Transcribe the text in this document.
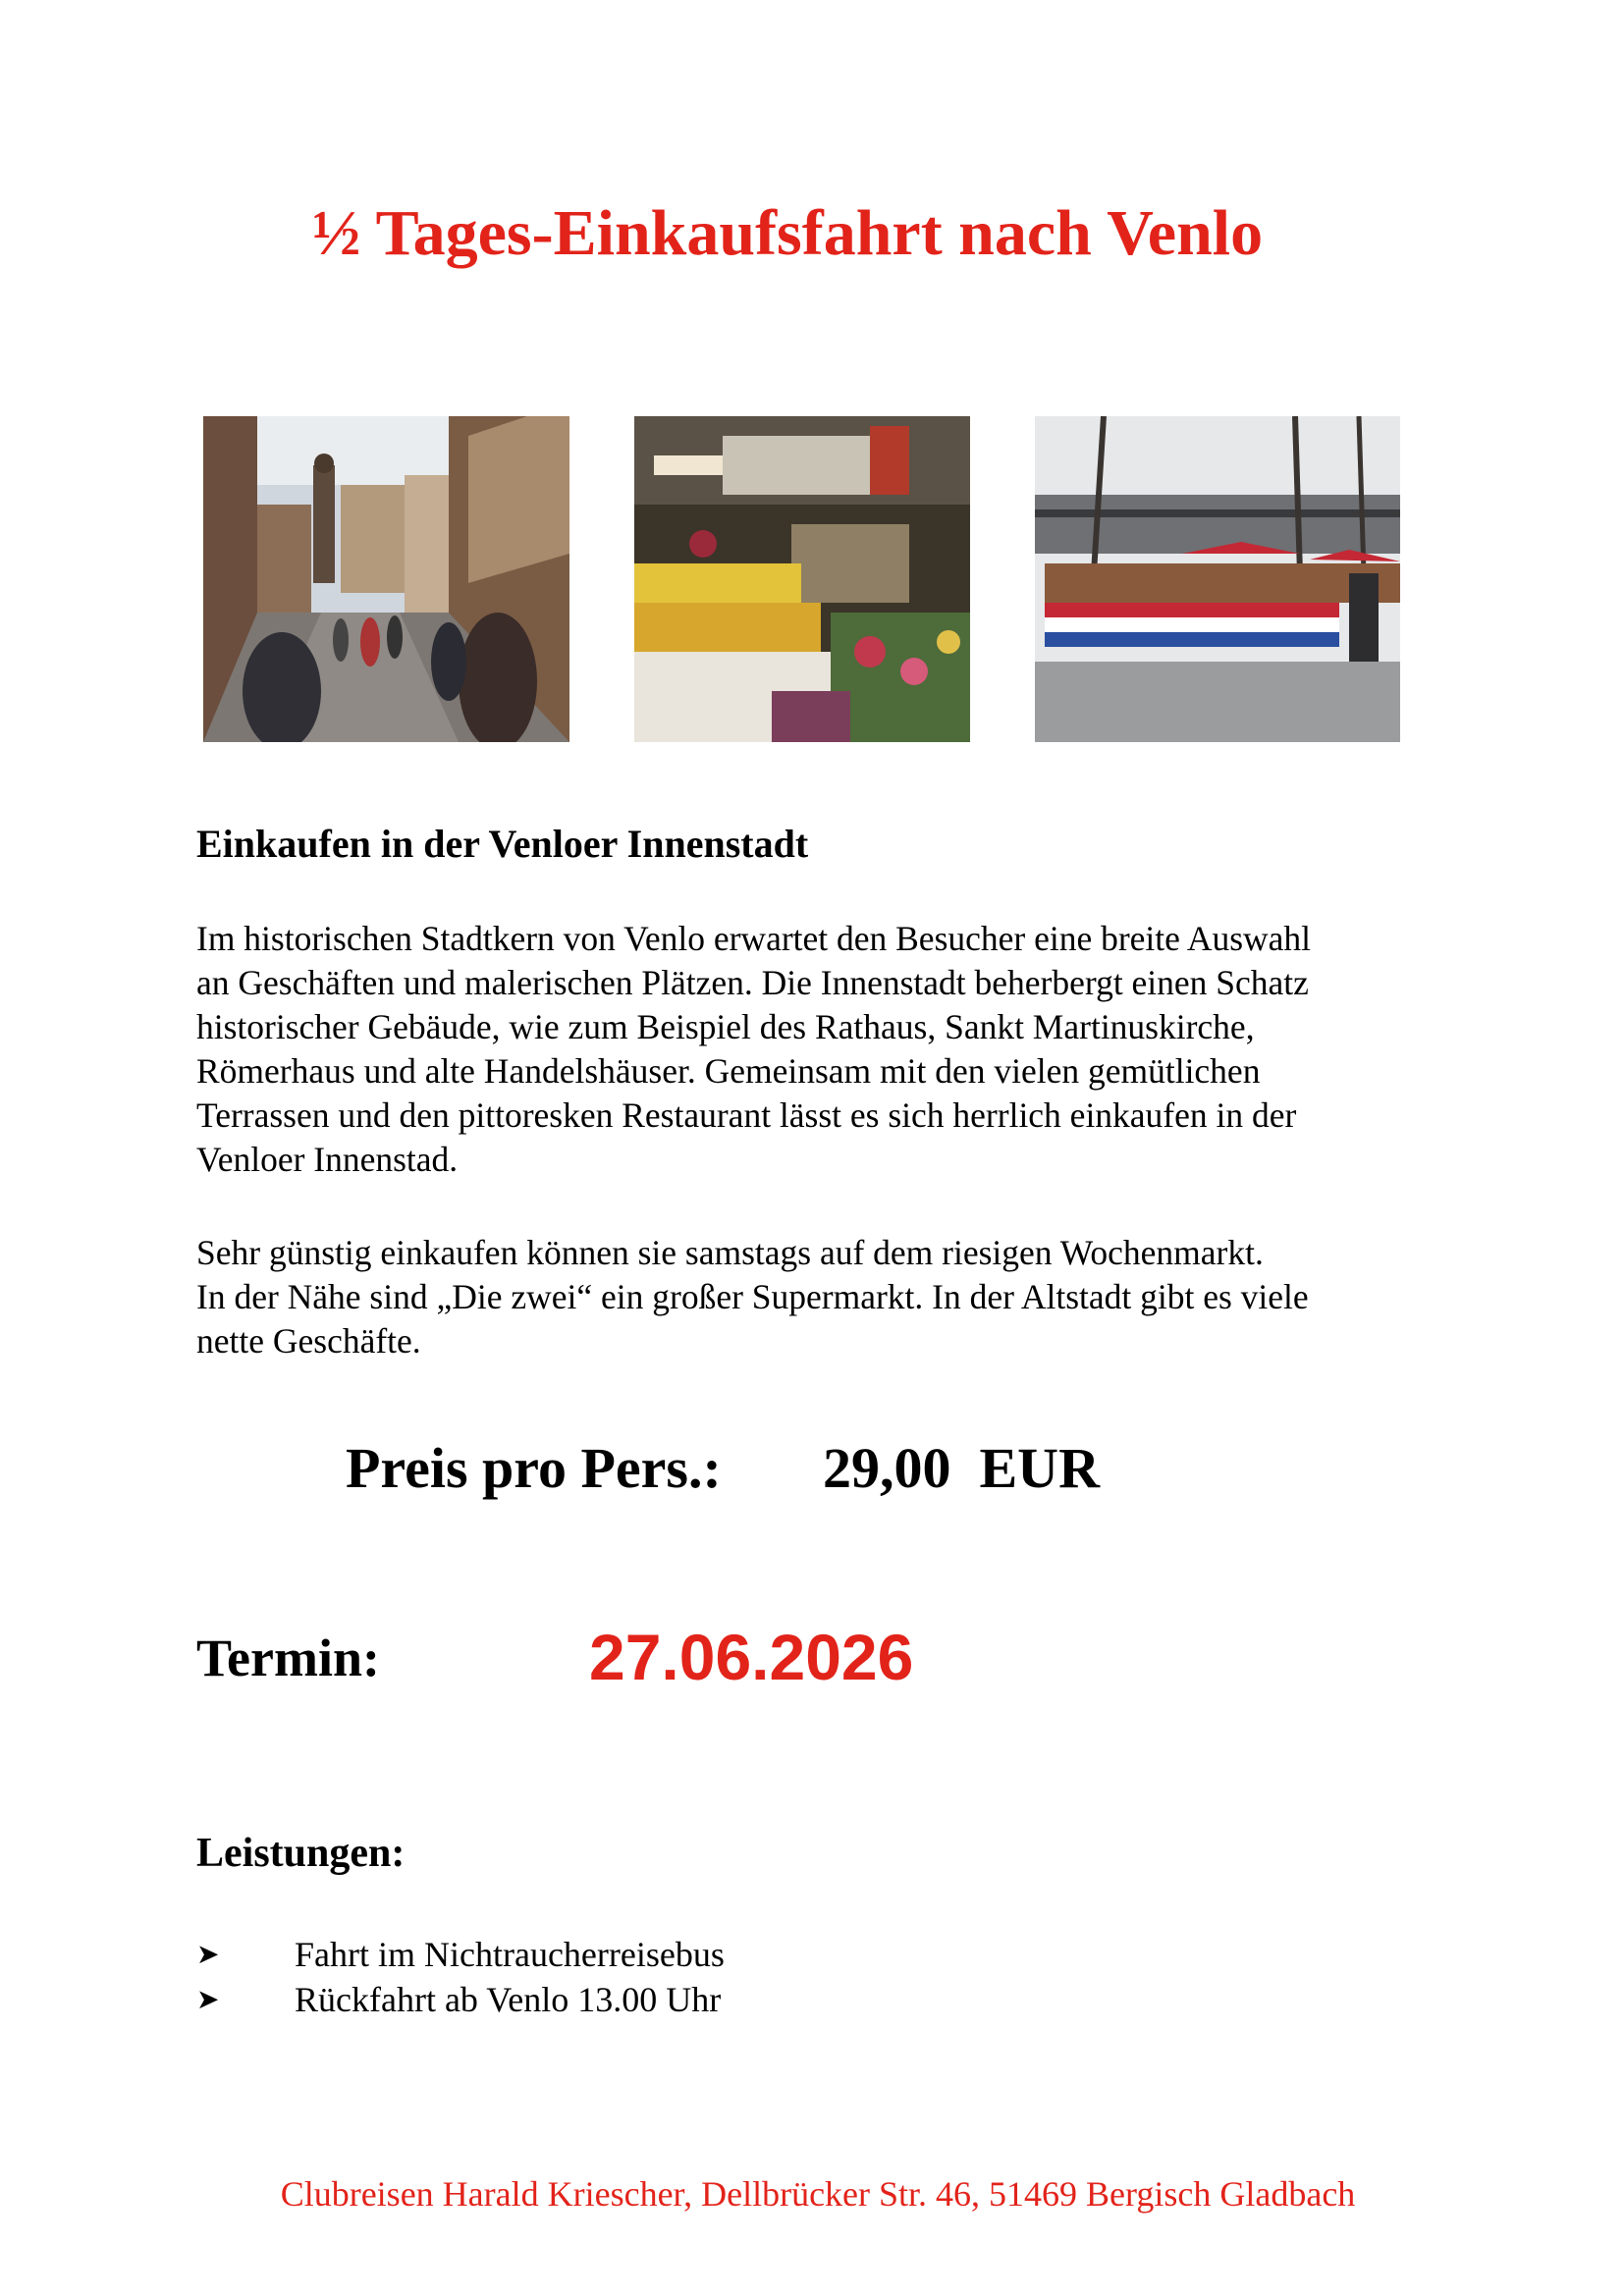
½ Tages-Einkaufsfahrt nach Venlo
Einkaufen in der Venloer Innenstadt
Im historischen Stadtkern von Venlo erwartet den Besucher eine breite Auswahl
an Geschäften und malerischen Plätzen. Die Innenstadt beherbergt einen Schatz
historischer Gebäude, wie zum Beispiel des Rathaus, Sankt Martinuskirche,
Römerhaus und alte Handelshäuser. Gemeinsam mit den vielen gemütlichen
Terrassen und den pittoresken Restaurant lässt es sich herrlich einkaufen in der
Venloer Innenstad.
Sehr günstig einkaufen können sie samstags auf dem riesigen Wochenmarkt.
In der Nähe sind „Die zwei“ ein großer Supermarkt. In der Altstadt gibt es viele
nette Geschäfte.
Preis pro Pers.: 29,00  EUR
Termin:	27.06.2026
Leistungen:
➤	Fahrt im Nichtraucherreisebus
➤	Rückfahrt ab Venlo 13.00 Uhr
Clubreisen Harald Kriescher, Dellbrücker Str. 46, 51469 Bergisch Gladbach
